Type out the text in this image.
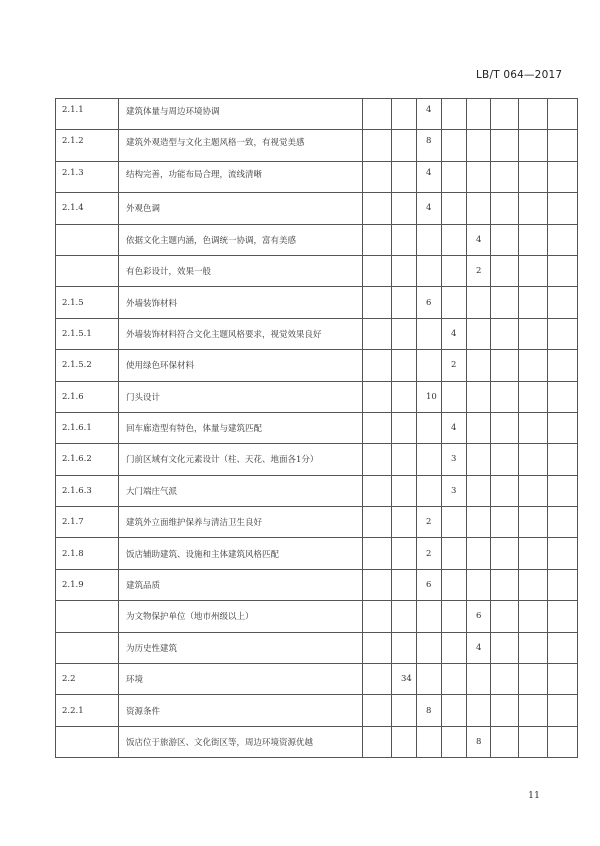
LB/T 064—2017
2.1.1	建筑体量与周边环境协调			4					
2.1.2	建筑外观造型与文化主题风格一致，有视觉美感			8					
2.1.3	结构完善，功能布局合理，流线清晰			4					
2.1.4	外观色调			4					
	依据文化主题内涵，色调统一协调，富有美感					4			
	有色彩设计，效果一般					2			
2.1.5	外墙装饰材料			6					
2.1.5.1	外墙装饰材料符合文化主题风格要求，视觉效果良好				4				
2.1.5.2	使用绿色环保材料				2				
2.1.6	门头设计			10					
2.1.6.1	回车廊造型有特色，体量与建筑匹配				4				
2.1.6.2	门前区域有文化元素设计（柱、天花、地面各1分）				3				
2.1.6.3	大门端庄气派				3				
2.1.7	建筑外立面维护保养与清洁卫生良好			2					
2.1.8	饭店辅助建筑、设施和主体建筑风格匹配			2					
2.1.9	建筑品质			6					
	为文物保护单位（地市州级以上）					6			
	为历史性建筑					4			
2.2	环境		34						
2.2.1	资源条件			8					
	饭店位于旅游区、文化街区等，周边环境资源优越					8			
11
